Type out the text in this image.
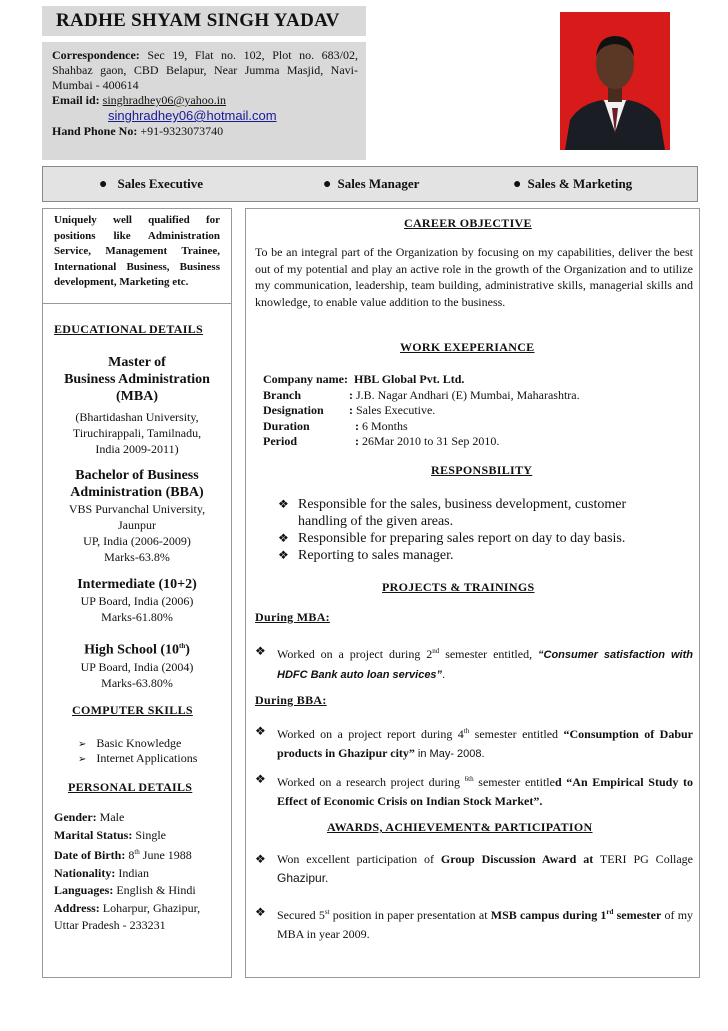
RADHE SHYAM SINGH YADAV
Correspondence: Sec 19, Flat no. 102, Plot no. 683/02, Shahbaz gaon, CBD Belapur, Near Jumma Masjid, Navi- Mumbai - 400614
Email id: singhradhey06@yahoo.in
singhradhey06@hotmail.com
Hand Phone No: +91-9323073740
● Sales Executive	● Sales Manager	● Sales & Marketing
Uniquely well qualified for positions like Administration Service, Management Trainee, International Business, Business development, Marketing etc.
EDUCATIONAL DETAILS
Master of
Business Administration
(MBA)
(Bhartidashan University,
Tiruchirappali, Tamilnadu,
India 2009-2011)
Bachelor of Business
Administration (BBA)
VBS Purvanchal University,
Jaunpur
UP, India (2006-2009)
Marks-63.8%
Intermediate (10+2)
UP Board, India (2006)
Marks-61.80%
High School (10th)
UP Board, India (2004)
Marks-63.80%
COMPUTER SKILLS
➢ Basic Knowledge
➢ Internet Applications
PERSONAL DETAILS
Gender: Male
Marital Status: Single
Date of Birth: 8th June 1988
Nationality: Indian
Languages: English & Hindi
Address: Loharpur, Ghazipur, Uttar Pradesh - 233231
CAREER OBJECTIVE
To be an integral part of the Organization by focusing on my capabilities, deliver the best out of my potential and play an active role in the growth of the Organization and to utilize my communication, leadership, team building, administrative skills, managerial skills and knowledge, to enable value addition to the business.
WORK EXEPERIANCE
Company name: HBL Global Pvt. Ltd.
Branch	: J.B. Nagar Andhari (E) Mumbai, Maharashtra.
Designation : Sales Executive.
Duration	: 6 Months
Period	: 26Mar 2010 to 31 Sep 2010.
RESPONSBILITY
❖ Responsible for the sales, business development, customer handling of the given areas.
❖ Responsible for preparing sales report on day to day basis.
❖ Reporting to sales manager.
PROJECTS & TRAININGS
During MBA:
❖ Worked on a project during 2nd semester entitled, “Consumer satisfaction with HDFC Bank auto loan services”.
During BBA:
❖ Worked on a project report during 4th semester entitled “Consumption of Dabur products in Ghazipur city” in May- 2008.
❖ Worked on a research project during $^{6th}$ semester entitled “An Empirical Study to Effect of Economic Crisis on Indian Stock Market”.
AWARDS, ACHIEVEMENT& PARTICIPATION
❖ Won excellent participation of Group Discussion Award at TERI PG Collage Ghazipur.
❖ Secured 5st position in paper presentation at MSB campus during 1rd semester of my MBA in year 2009.
